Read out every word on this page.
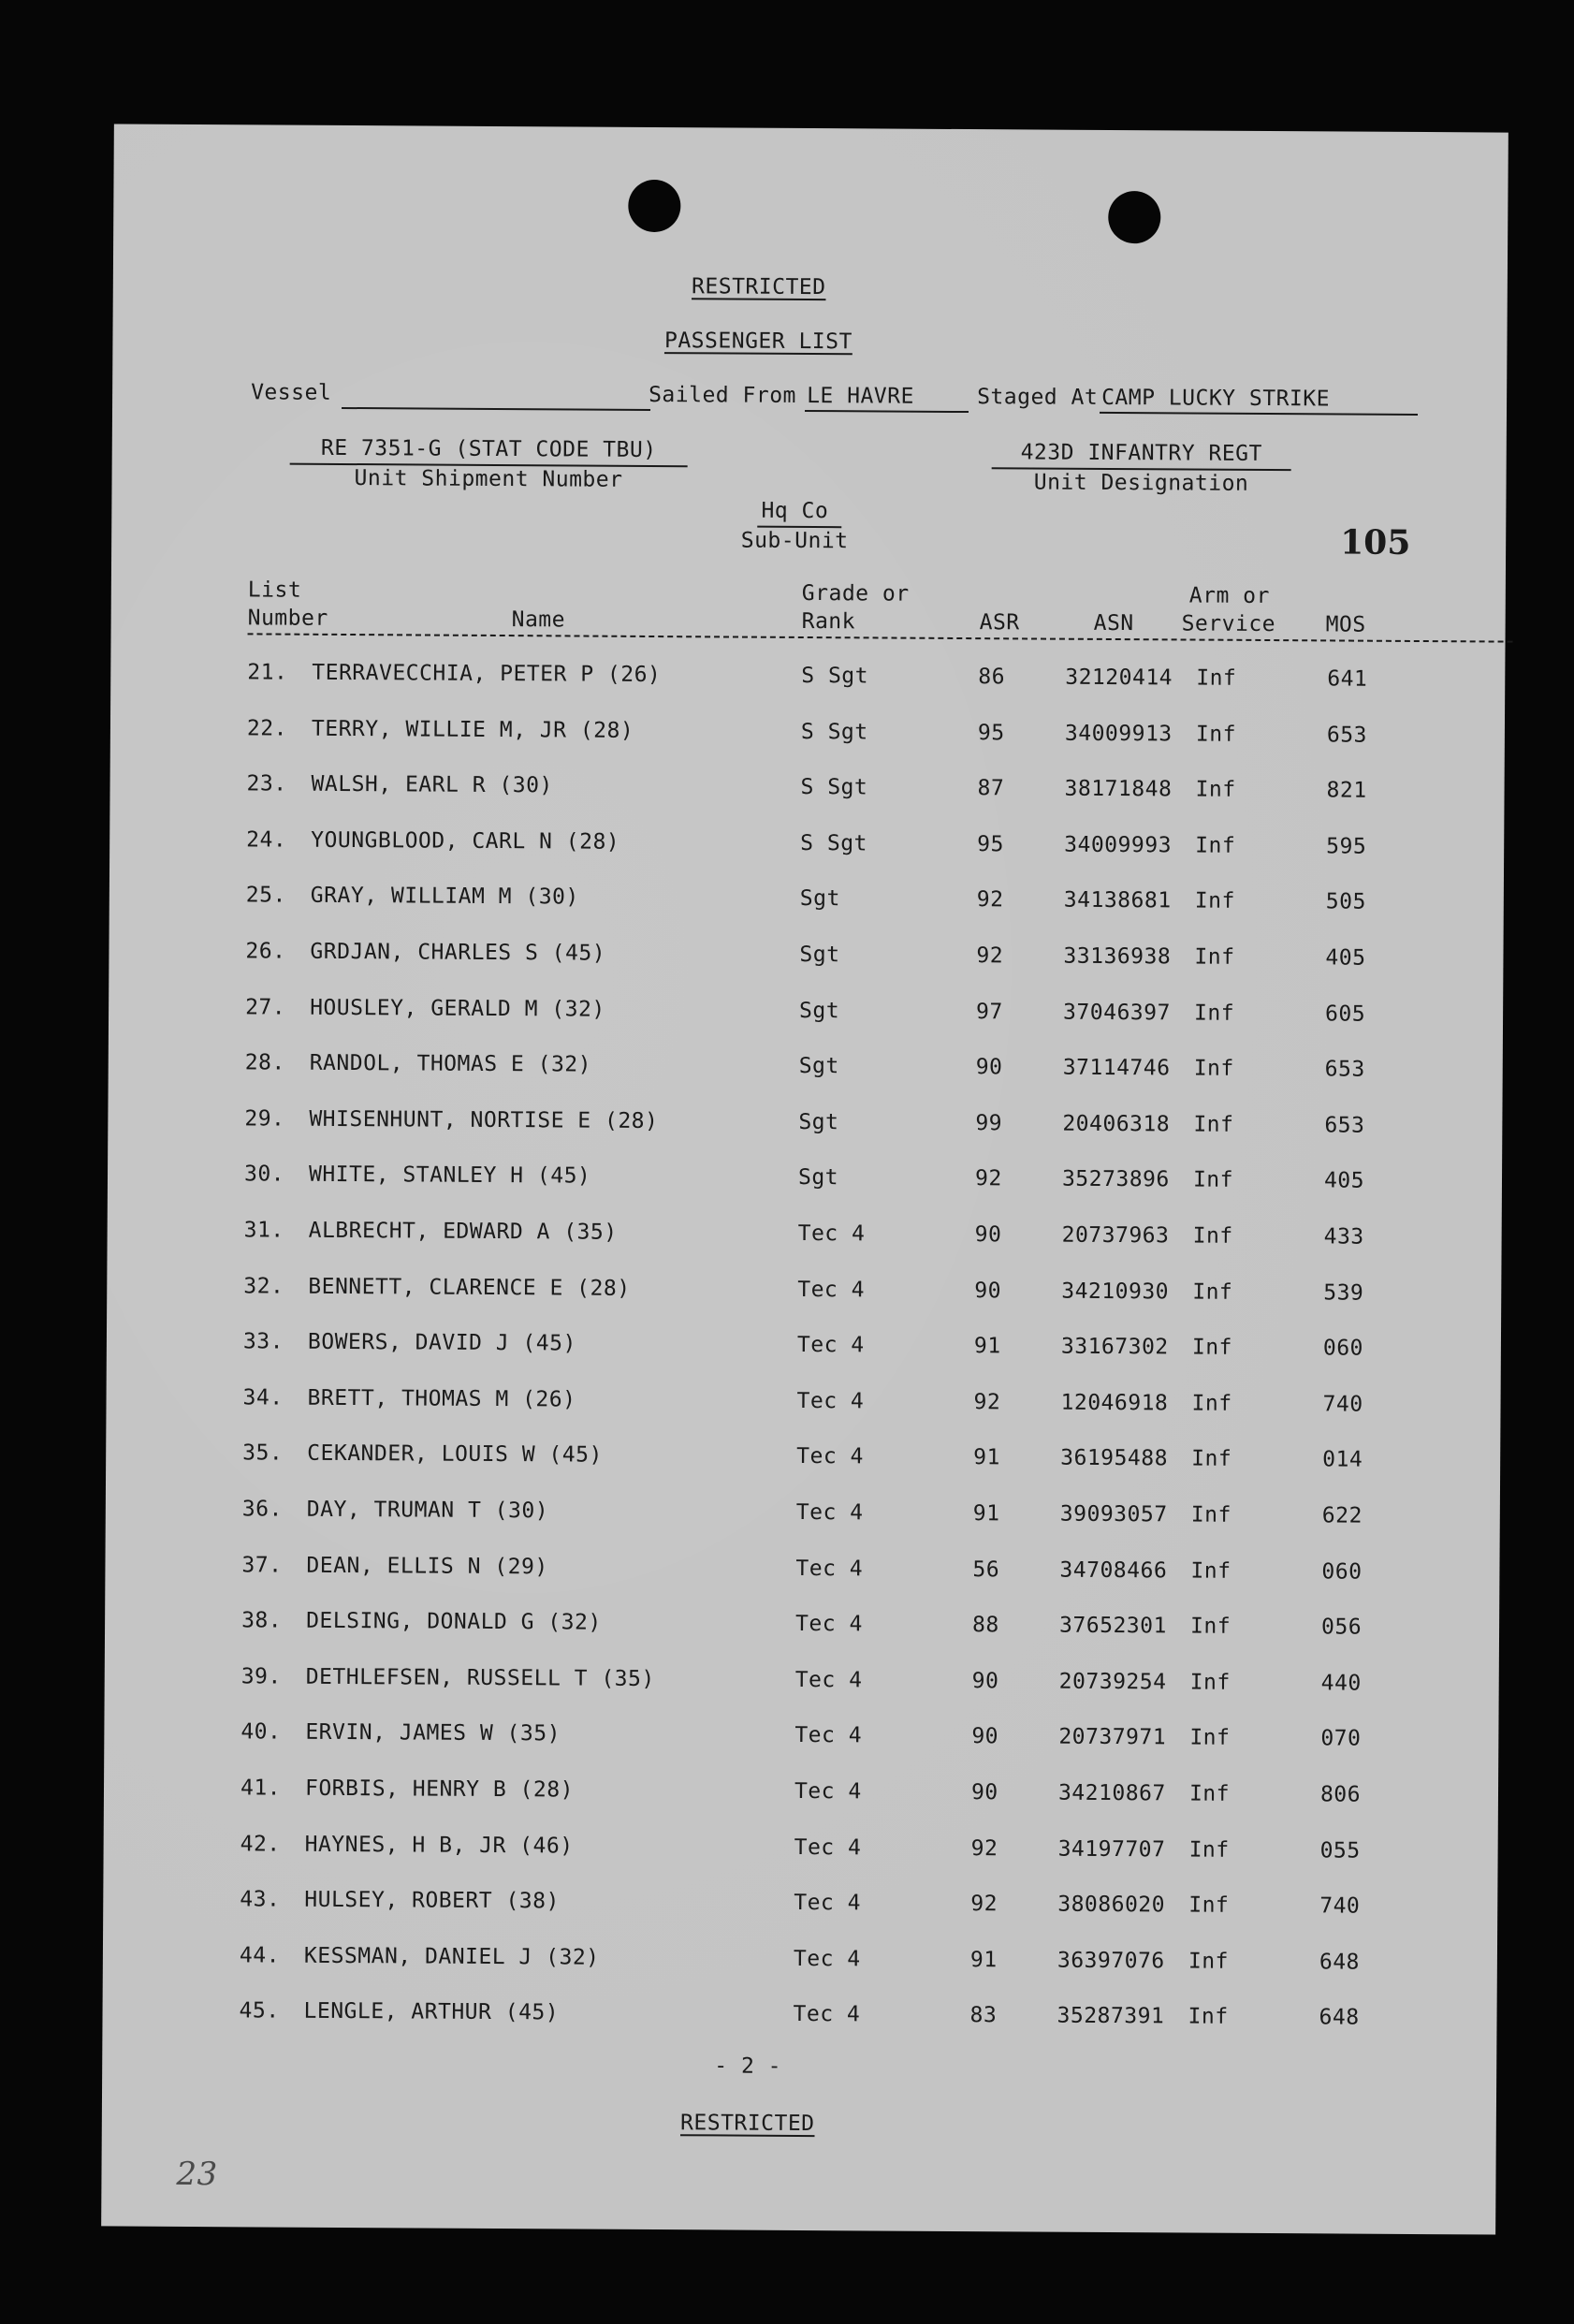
RESTRICTED
PASSENGER LIST
Vessel	Sailed From LE HAVRE	Staged At CAMP LUCKY STRIKE
RE 7351-G (STAT CODE TBU)
Unit Shipment Number
423D INFANTRY REGT
Unit Designation
Hq Co
Sub-Unit	105
List
Number	Name
Grade or
Rank	ASR	ASN
Arm or
Service MOS
21. TERRAVECCHIA, PETER P (26)	S Sgt	86	32120414 Inf	641
22. TERRY, WILLIE M, JR (28)	S Sgt	95	34009913 Inf	653
23. WALSH, EARL R (30)	S Sgt	87	38171848 Inf	821
24. YOUNGBLOOD, CARL N (28)	S Sgt	95	34009993 Inf	595
25. GRAY, WILLIAM M (30)	Sgt	92	34138681 Inf	505
26. GRDJAN, CHARLES S (45)	Sgt	92	33136938 Inf	405
27. HOUSLEY, GERALD M (32)	Sgt	97	37046397 Inf	605
28. RANDOL, THOMAS E (32)	Sgt	90	37114746 Inf	653
29. WHISENHUNT, NORTISE E (28)	Sgt	99	20406318 Inf	653
30. WHITE, STANLEY H (45)	Sgt	92	35273896 Inf	405
31. ALBRECHT, EDWARD A (35)	Tec 4	90	20737963 Inf	433
32. BENNETT, CLARENCE E (28)	Tec 4	90	34210930 Inf	539
33. BOWERS, DAVID J (45)	Tec 4	91	33167302 Inf	060
34. BRETT, THOMAS M (26)	Tec 4	92	12046918 Inf	740
35. CEKANDER, LOUIS W (45)	Tec 4	91	36195488 Inf	014
36. DAY, TRUMAN T (30)	Tec 4	91	39093057 Inf	622
37. DEAN, ELLIS N (29)	Tec 4	56	34708466 Inf	060
38. DELSING, DONALD G (32)	Tec 4	88	37652301 Inf	056
39. DETHLEFSEN, RUSSELL T (35)	Tec 4	90	20739254 Inf	440
40. ERVIN, JAMES W (35)	Tec 4	90	20737971 Inf	070
41. FORBIS, HENRY B (28)	Tec 4	90	34210867 Inf	806
42. HAYNES, H B, JR (46)	Tec 4	92	34197707 Inf	055
43. HULSEY, ROBERT (38)	Tec 4	92	38086020 Inf	740
44. KESSMAN, DANIEL J (32)	Tec 4	91	36397076 Inf	648
45. LENGLE, ARTHUR (45)	Tec 4	83	35287391 Inf	648
- 2 -
RESTRICTED
23
